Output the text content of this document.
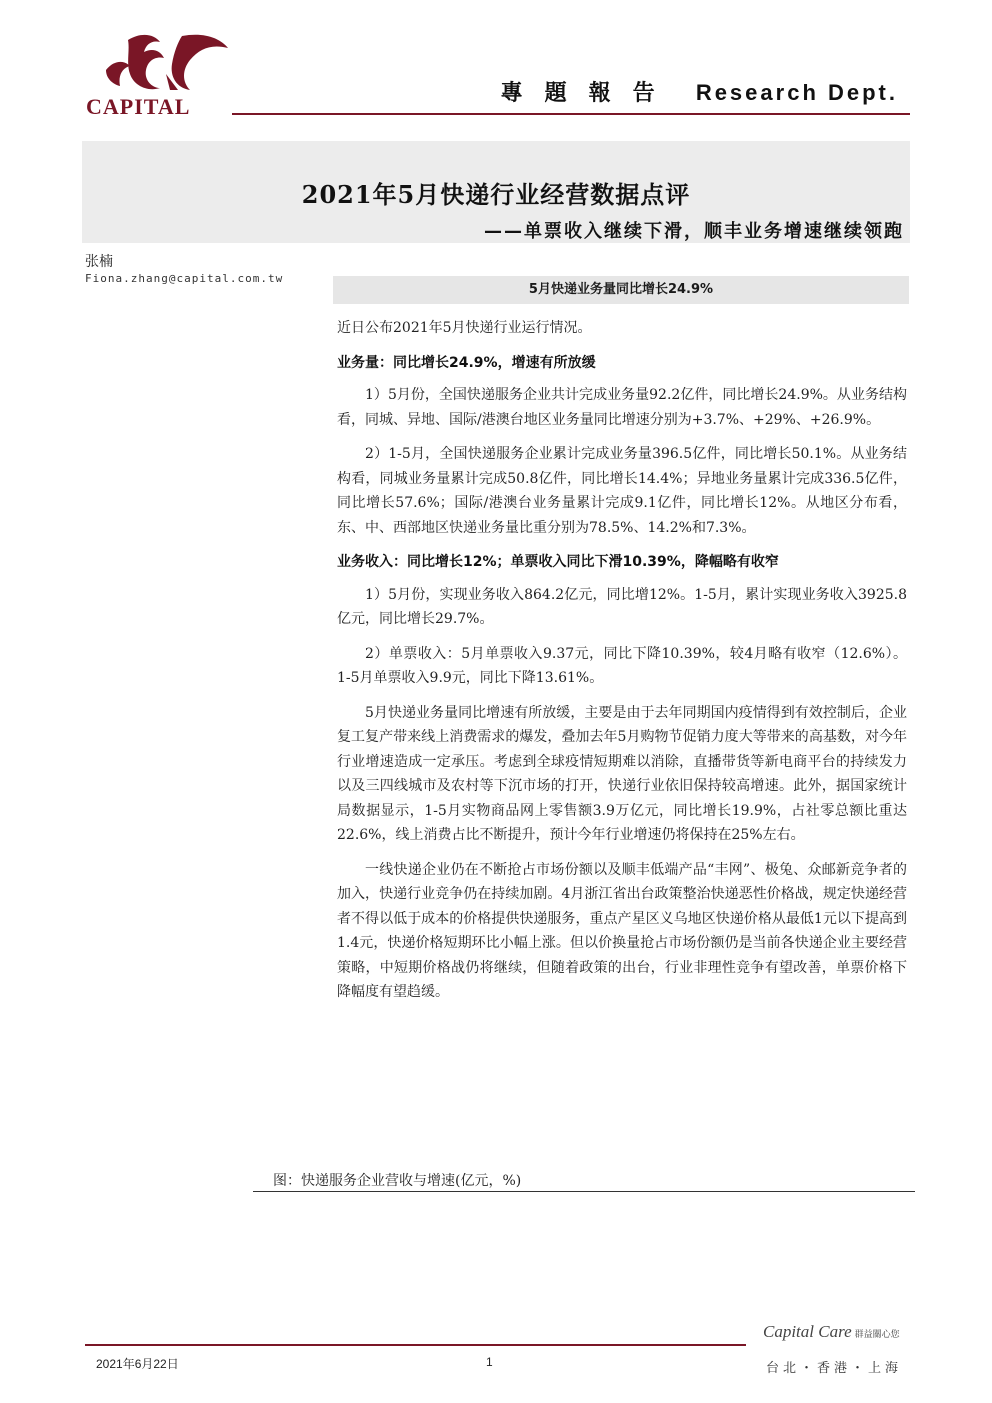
CAPITAL
專題報告 Research Dept.
2021年5月快递行业经营数据点评
——单票收入继续下滑，顺丰业务增速继续领跑
张楠
Fiona.zhang@capital.com.tw
5月快递业务量同比增长24.9%

近日公布2021年5月快递行业运行情况。

业务量：同比增长24.9%，增速有所放缓

1）5月份，全国快递服务企业共计完成业务量92.2亿件，同比增长24.9%。从业务结构看，同城、异地、国际/港澳台地区业务量同比增速分别为+3.7%、+29%、+26.9%。

2）1-5月，全国快递服务企业累计完成业务量396.5亿件，同比增长50.1%。从业务结构看，同城业务量累计完成50.8亿件，同比增长14.4%；异地业务量累计完成336.5亿件，同比增长57.6%；国际/港澳台业务量累计完成9.1亿件，同比增长12%。从地区分布看，东、中、西部地区快递业务量比重分别为78.5%、14.2%和7.3%。

业务收入：同比增长12%；单票收入同比下滑10.39%，降幅略有收窄

1）5月份，实现业务收入864.2亿元，同比增12%。1-5月，累计实现业务收入3925.8亿元，同比增长29.7%。

2）单票收入：5月单票收入9.37元，同比下降10.39%，较4月略有收窄（12.6%）。 1-5月单票收入9.9元，同比下降13.61%。

5月快递业务量同比增速有所放缓，主要是由于去年同期国内疫情得到有效控制后，企业复工复产带来线上消费需求的爆发，叠加去年5月购物节促销力度大等带来的高基数，对今年行业增速造成一定承压。考虑到全球疫情短期难以消除，直播带货等新电商平台的持续发力以及三四线城市及农村等下沉市场的打开，快递行业依旧保持较高增速。此外，据国家统计局数据显示，1-5月实物商品网上零售额3.9万亿元，同比增长19.9%，占社零总额比重达22.6%，线上消费占比不断提升，预计今年行业增速仍将保持在25%左右。

一线快递企业仍在不断抢占市场份额以及顺丰低端产品“丰网”、极兔、众邮新竞争者的加入，快递行业竞争仍在持续加剧。4月浙江省出台政策整治快递恶性价格战，规定快递经营者不得以低于成本的价格提供快递服务，重点产星区义乌地区快递价格从最低1元以下提高到1.4元，快递价格短期环比小幅上涨。但以价换量抢占市场份额仍是当前各快递企业主要经营策略，中短期价格战仍将继续，但随着政策的出台，行业非理性竞争有望改善，单票价格下降幅度有望趋缓。

图：快递服务企业营收与增速(亿元，%)
2021年6月22日	1
Capital Care 群益關心您
台北・香港・上海
